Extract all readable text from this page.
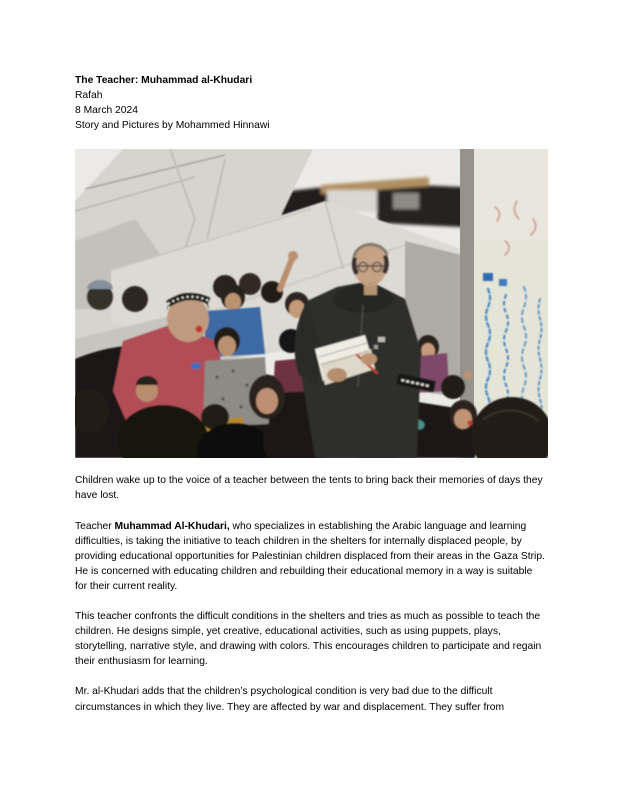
The Teacher: Muhammad al-Khudari

Rafah

8 March 2024

Story and Pictures by Mohammed Hinnawi

Children wake up to the voice of a teacher between the tents to bring back their memories of days they have lost.

Teacher Muhammad Al-Khudari, who specializes in establishing the Arabic language and learning difficulties, is taking the initiative to teach children in the shelters for internally displaced people, by providing educational opportunities for Palestinian children displaced from their areas in the Gaza Strip. He is concerned with educating children and rebuilding their educational memory in a way is suitable for their current reality.

This teacher confronts the difficult conditions in the shelters and tries as much as possible to teach the children. He designs simple, yet creative, educational activities, such as using puppets, plays, storytelling, narrative style, and drawing with colors. This encourages children to participate and regain their enthusiasm for learning.

Mr. al-Khudari adds that the children’s psychological condition is very bad due to the difficult circumstances in which they live. They are affected by war and displacement. They suffer from
